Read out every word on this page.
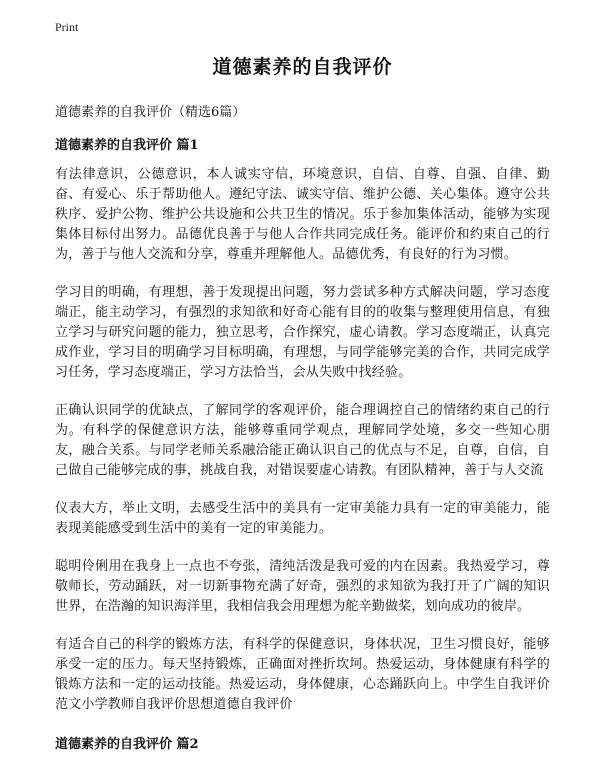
Print
道德素养的自我评价

道德素养的自我评价（精选6篇）

道德素养的自我评价 篇1

有法律意识，公德意识，本人诚实守信，环境意识，自信、自尊、自强、自律、勤奋、有爱心、乐于帮助他人。遵纪守法、诚实守信、维护公德、关心集体。遵守公共秩序、爱护公物、维护公共设施和公共卫生的情况。乐于参加集体活动，能够为实现集体目标付出努力。品德优良善于与他人合作共同完成任务。能评价和约束自己的行为，善于与他人交流和分享，尊重并理解他人。品德优秀，有良好的行为习惯。

学习目的明确，有理想，善于发现提出问题，努力尝试多种方式解决问题，学习态度端正，能主动学习，有强烈的求知欲和好奇心能有目的的收集与整理使用信息，有独立学习与研究问题的能力，独立思考，合作探究，虚心请教。学习态度端正，认真完成作业，学习目的明确学习目标明确，有理想，与同学能够完美的合作，共同完成学习任务，学习态度端正，学习方法恰当，会从失败中找经验。

正确认识同学的优缺点，了解同学的客观评价，能合理调控自己的情绪约束自己的行为。有科学的保健意识方法，能够尊重同学观点，理解同学处境，多交一些知心朋友，融合关系。与同学老师关系融洽能正确认识自己的优点与不足，自尊，自信，自己做自己能够完成的事，挑战自我，对错误要虚心请教。有团队精神，善于与人交流

仪表大方，举止文明，去感受生活中的美具有一定审美能力具有一定的审美能力，能表现美能感受到生活中的美有一定的审美能力。

聪明伶俐用在我身上一点也不夸张，清纯活泼是我可爱的内在因素。我热爱学习，尊敬师长，劳动踊跃，对一切新事物充满了好奇，强烈的求知欲为我打开了广阔的知识世界，在浩瀚的知识海洋里，我相信我会用理想为舵辛勤做桨，划向成功的彼岸。

有适合自己的科学的锻炼方法，有科学的保健意识，身体状况，卫生习惯良好，能够承受一定的压力。每天坚持锻炼，正确面对挫折坎坷。热爱运动，身体健康有科学的锻炼方法和一定的运动技能。热爱运动，身体健康，心态踊跃向上。中学生自我评价范文小学教师自我评价思想道德自我评价

道德素养的自我评价 篇2
